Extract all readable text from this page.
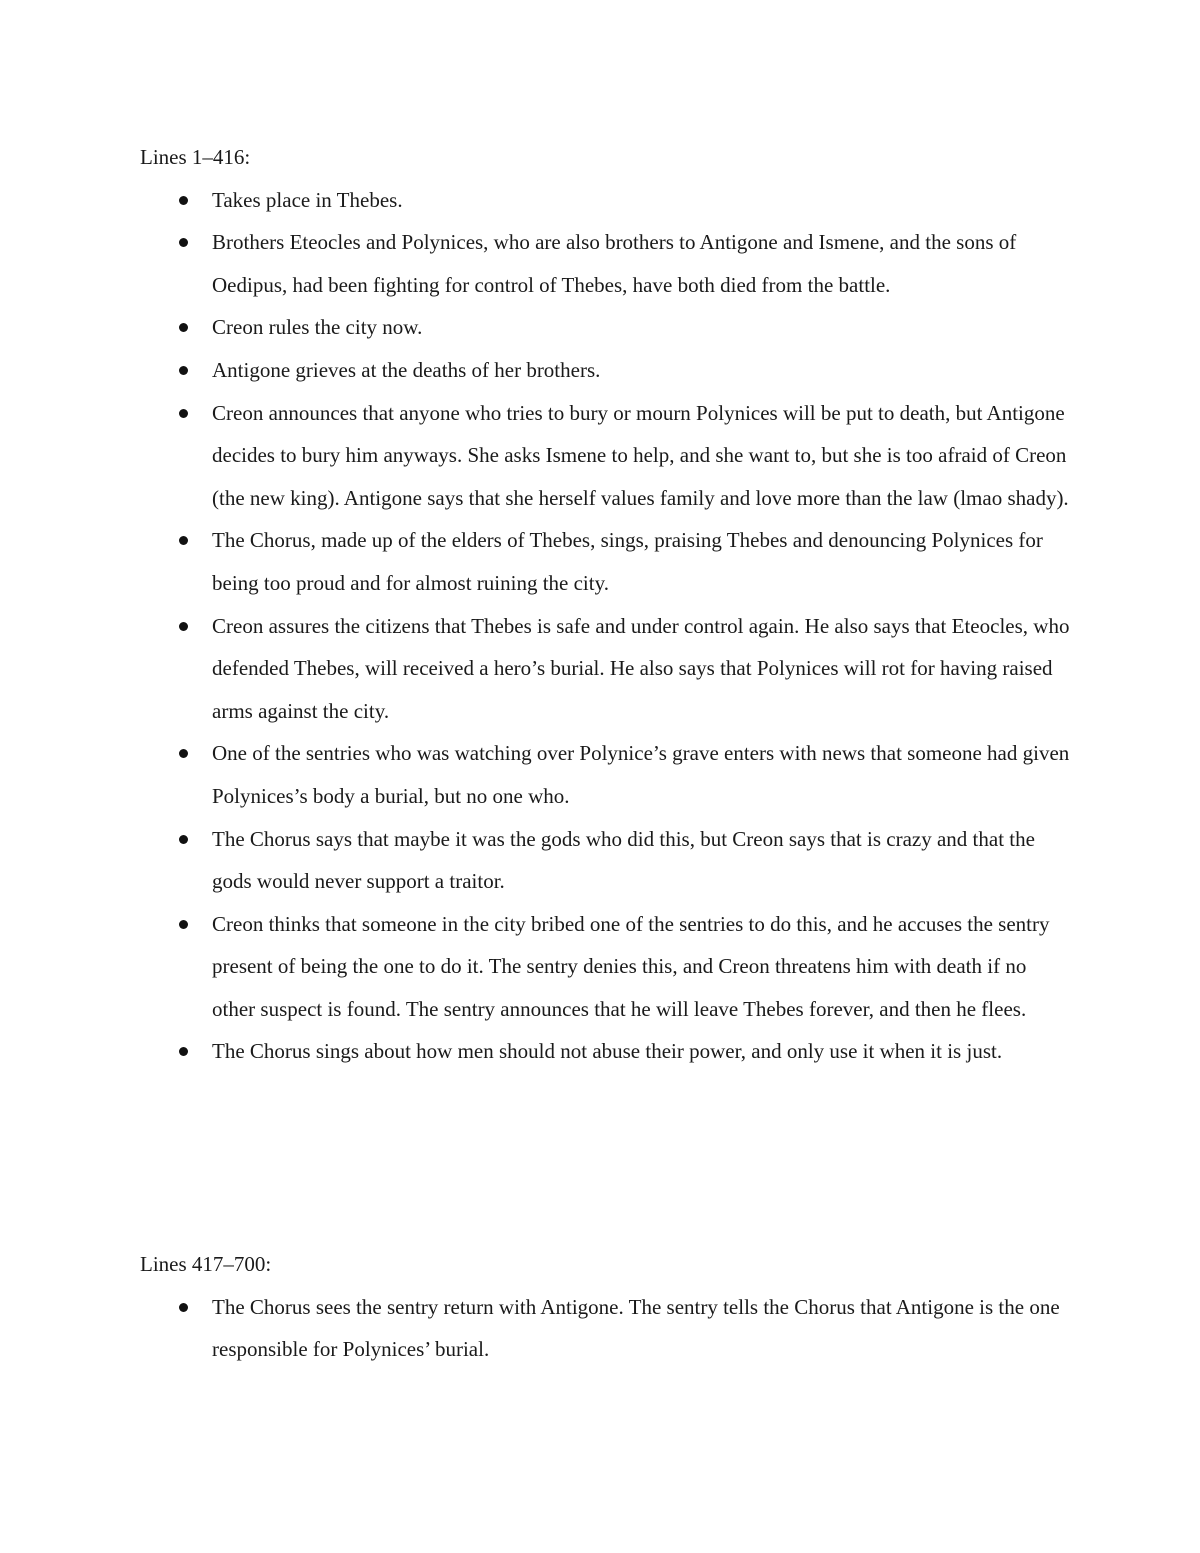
Lines 1–416:

Takes place in Thebes.
Brothers Eteocles and Polynices, who are also brothers to Antigone and Ismene, and the sons of Oedipus, had been fighting for control of Thebes, have both died from the battle.
Creon rules the city now.
Antigone grieves at the deaths of her brothers.
Creon announces that anyone who tries to bury or mourn Polynices will be put to death, but Antigone decides to bury him anyways. She asks Ismene to help, and she want to, but she is too afraid of Creon (the new king). Antigone says that she herself values family and love more than the law (lmao shady).
The Chorus, made up of the elders of Thebes, sings, praising Thebes and denouncing Polynices for being too proud and for almost ruining the city.
Creon assures the citizens that Thebes is safe and under control again. He also says that Eteocles, who defended Thebes, will received a hero’s burial. He also says that Polynices will rot for having raised arms against the city.
One of the sentries who was watching over Polynice’s grave enters with news that someone had given Polynices’s body a burial, but no one who.
The Chorus says that maybe it was the gods who did this, but Creon says that is crazy and that the gods would never support a traitor.
Creon thinks that someone in the city bribed one of the sentries to do this, and he accuses the sentry present of being the one to do it. The sentry denies this, and Creon threatens him with death if no other suspect is found. The sentry announces that he will leave Thebes forever, and then he flees.
The Chorus sings about how men should not abuse their power, and only use it when it is just.

Lines 417–700:

The Chorus sees the sentry return with Antigone. The sentry tells the Chorus that Antigone is the one responsible for Polynices’ burial.
